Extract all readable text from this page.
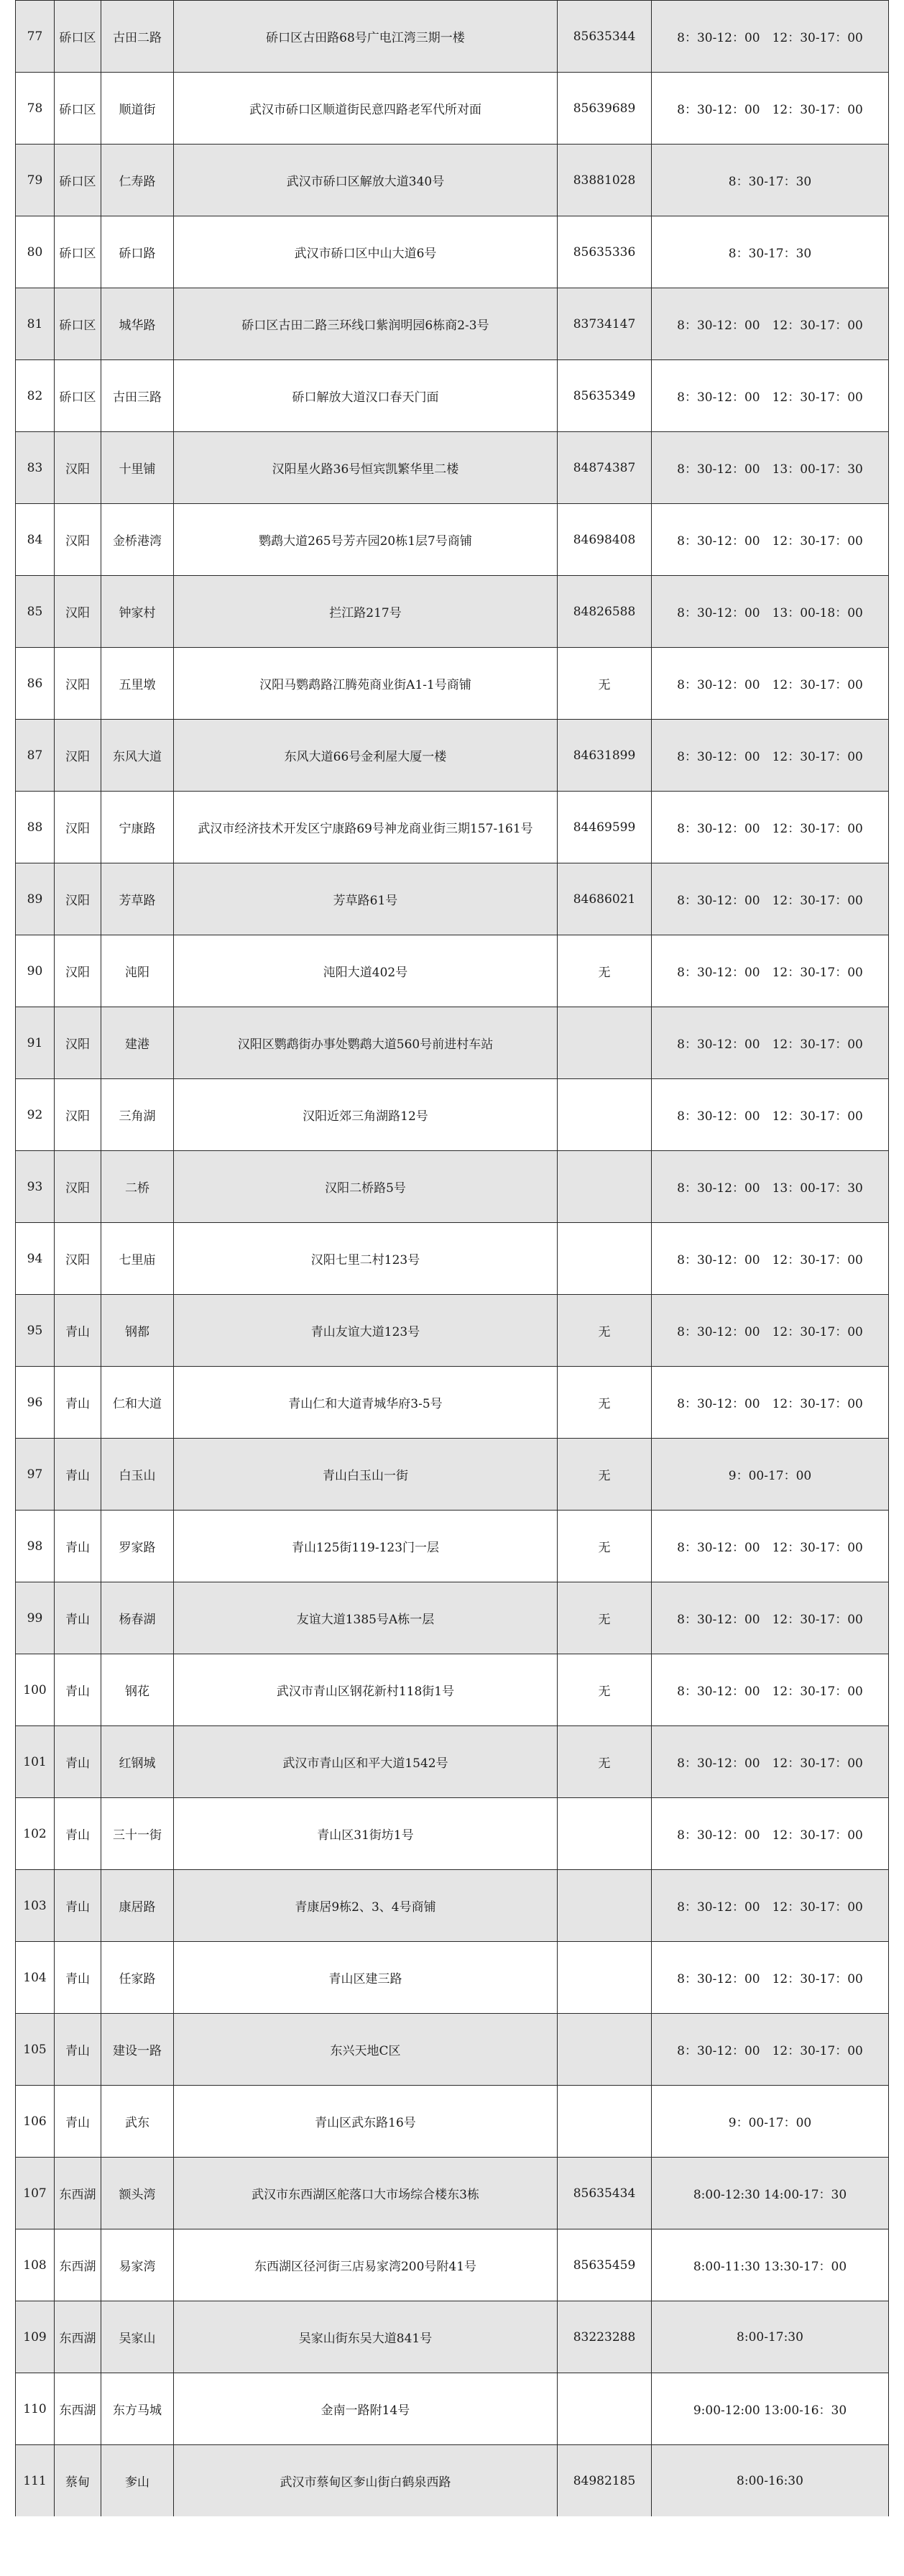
77	硚口区	古田二路	硚口区古田路68号广电江湾三期一楼	85635344	8：30-12：00　12：30-17：00
78	硚口区	顺道街	武汉市硚口区顺道街民意四路老军代所对面	85639689	8：30-12：00　12：30-17：00
79	硚口区	仁寿路	武汉市硚口区解放大道340号	83881028	8：30-17：30
80	硚口区	硚口路	武汉市硚口区中山大道6号	85635336	8：30-17：30
81	硚口区	城华路	硚口区古田二路三环线口紫润明园6栋商2-3号	83734147	8：30-12：00　12：30-17：00
82	硚口区	古田三路	硚口解放大道汉口春天门面	85635349	8：30-12：00　12：30-17：00
83	汉阳	十里铺	汉阳星火路36号恒宾凯繁华里二楼	84874387	8：30-12：00　13：00-17：30
84	汉阳	金桥港湾	鹦鹉大道265号芳卉园20栋1层7号商铺	84698408	8：30-12：00　12：30-17：00
85	汉阳	钟家村	拦江路217号	84826588	8：30-12：00　13：00-18：00
86	汉阳	五里墩	汉阳马鹦鹉路江腾苑商业街A1-1号商铺	无	8：30-12：00　12：30-17：00
87	汉阳	东风大道	东风大道66号金利屋大厦一楼	84631899	8：30-12：00　12：30-17：00
88	汉阳	宁康路	武汉市经济技术开发区宁康路69号神龙商业街三期157-161号	84469599	8：30-12：00　12：30-17：00
89	汉阳	芳草路	芳草路61号	84686021	8：30-12：00　12：30-17：00
90	汉阳	沌阳	沌阳大道402号	无	8：30-12：00　12：30-17：00
91	汉阳	建港	汉阳区鹦鹉街办事处鹦鹉大道560号前进村车站		8：30-12：00　12：30-17：00
92	汉阳	三角湖	汉阳近郊三角湖路12号		8：30-12：00　12：30-17：00
93	汉阳	二桥	汉阳二桥路5号		8：30-12：00　13：00-17：30
94	汉阳	七里庙	汉阳七里二村123号		8：30-12：00　12：30-17：00
95	青山	钢都	青山友谊大道123号	无	8：30-12：00　12：30-17：00
96	青山	仁和大道	青山仁和大道青城华府3-5号	无	8：30-12：00　12：30-17：00
97	青山	白玉山	青山白玉山一街	无	9：00-17：00
98	青山	罗家路	青山125街119-123门一层	无	8：30-12：00　12：30-17：00
99	青山	杨春湖	友谊大道1385号A栋一层	无	8：30-12：00　12：30-17：00
100	青山	钢花	武汉市青山区钢花新村118街1号	无	8：30-12：00　12：30-17：00
101	青山	红钢城	武汉市青山区和平大道1542号	无	8：30-12：00　12：30-17：00
102	青山	三十一街	青山区31街坊1号		8：30-12：00　12：30-17：00
103	青山	康居路	青康居9栋2、3、4号商铺		8：30-12：00　12：30-17：00
104	青山	任家路	青山区建三路		8：30-12：00　12：30-17：00
105	青山	建设一路	东兴天地C区		8：30-12：00　12：30-17：00
106	青山	武东	青山区武东路16号		9：00-17：00
107	东西湖	额头湾	武汉市东西湖区舵落口大市场综合楼东3栋	85635434	8:00-12:30 14:00-17：30
108	东西湖	易家湾	东西湖区径河街三店易家湾200号附41号	85635459	8:00-11:30 13:30-17：00
109	东西湖	吴家山	吴家山街东吴大道841号	83223288	8:00-17:30
110	东西湖	东方马城	金南一路附14号		9:00-12:00 13:00-16：30
111	蔡甸	奓山	武汉市蔡甸区奓山街白鹤泉西路	84982185	8:00-16:30
